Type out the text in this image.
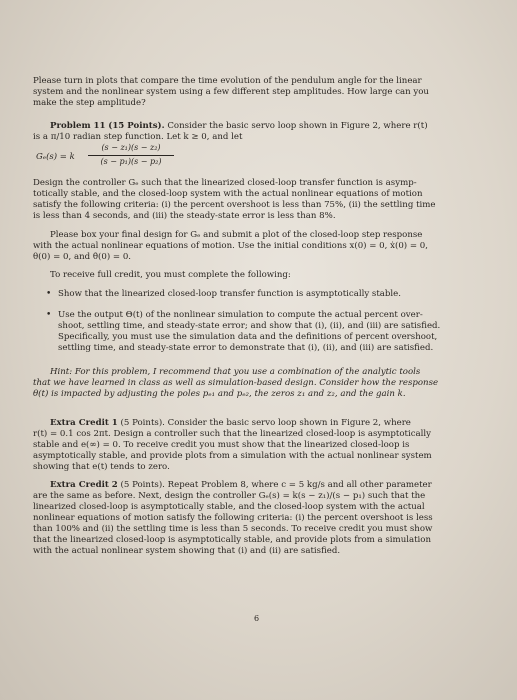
Please turn in plots that compare the time evolution of the pendulum angle for the linear
system and the nonlinear system using a few different step amplitudes. How large can you
make the step amplitude?
Problem 11 (15 Points). Consider the basic servo loop shown in Figure 2, where r(t)
is a π/10 radian step function. Let k ≥ 0, and let
Gₑ(s) = k
(s − z₁)(s − z₂)
(s − p₁)(s − p₂)
Design the controller Gₑ such that the linearized closed-loop transfer function is asymp-
totically stable, and the closed-loop system with the actual nonlinear equations of motion
satisfy the following criteria: (i) the percent overshoot is less than 75%, (ii) the settling time
is less than 4 seconds, and (iii) the steady-state error is less than 8%.
Please box your final design for Gₑ and submit a plot of the closed-loop step response
with the actual nonlinear equations of motion. Use the initial conditions x(0) = 0, ẋ(0) = 0,
θ(0) = 0, and θ̇(0) = 0.
To receive full credit, you must complete the following:
• Show that the linearized closed-loop transfer function is asymptotically stable.
• Use the output Θ(t) of the nonlinear simulation to compute the actual percent over-
shoot, settling time, and steady-state error; and show that (i), (ii), and (iii) are satisfied.
Specifically, you must use the simulation data and the definitions of percent overshoot,
settling time, and steady-state error to demonstrate that (i), (ii), and (iii) are satisfied.
Hint: For this problem, I recommend that you use a combination of the analytic tools
that we have learned in class as well as simulation-based design. Consider how the response
θ(t) is impacted by adjusting the poles pₑ₁ and pₑ₂, the zeros z₁ and z₂, and the gain k.
Extra Credit 1 (5 Points). Consider the basic servo loop shown in Figure 2, where
r(t) = 0.1 cos 2πt. Design a controller such that the linearized closed-loop is asymptotically
stable and e(∞) = 0. To receive credit you must show that the linearized closed-loop is
asymptotically stable, and provide plots from a simulation with the actual nonlinear system
showing that e(t) tends to zero.
Extra Credit 2 (5 Points). Repeat Problem 8, where c = 5 kg/s and all other parameter
are the same as before. Next, design the controller Gₑ(s) = k(s − z₁)/(s − p₁) such that the
linearized closed-loop is asymptotically stable, and the closed-loop system with the actual
nonlinear equations of motion satisfy the following criteria: (i) the percent overshoot is less
than 100% and (ii) the settling time is less than 5 seconds. To receive credit you must show
that the linearized closed-loop is asymptotically stable, and provide plots from a simulation
with the actual nonlinear system showing that (i) and (ii) are satisfied.
6
